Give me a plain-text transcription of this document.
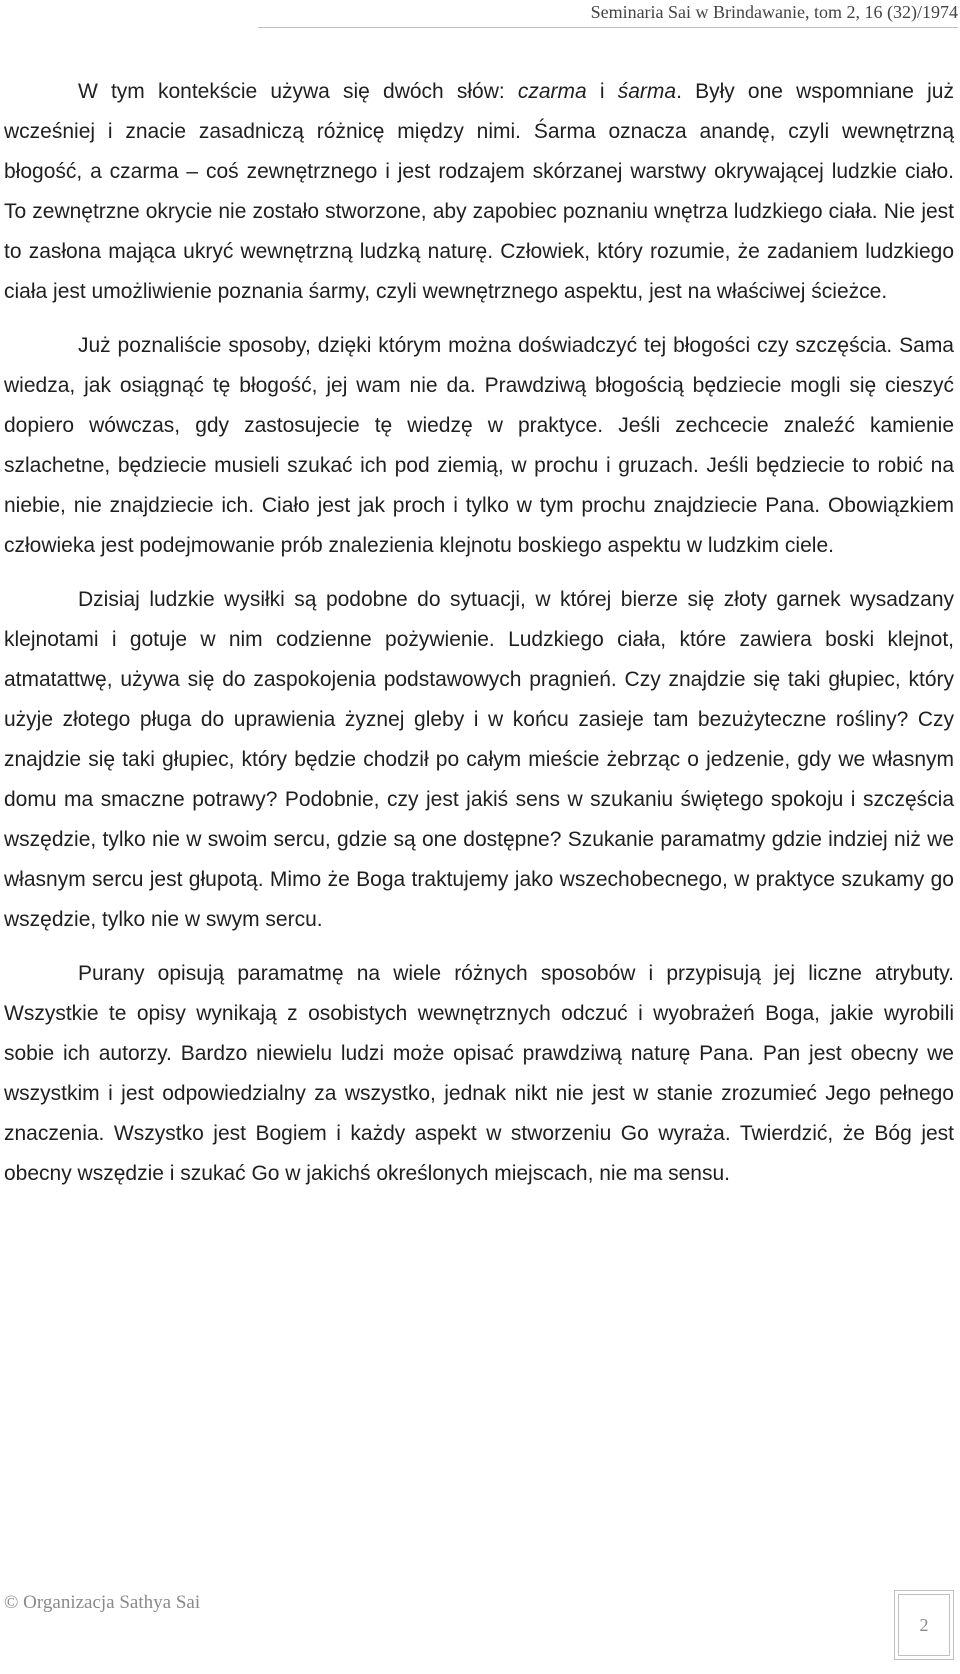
Seminaria Sai w Brindawanie, tom 2, 16 (32)/1974

W tym kontekście używa się dwóch słów: czarma i śarma. Były one wspomniane już wcześniej i znacie zasadniczą różnicę między nimi. Śarma oznacza anandę, czyli wewnętrzną błogość, a czarma – coś zewnętrznego i jest rodzajem skórzanej warstwy okrywającej ludzkie ciało. To zewnętrzne okrycie nie zostało stworzone, aby zapobiec poznaniu wnętrza ludzkiego ciała. Nie jest to zasłona mająca ukryć wewnętrzną ludzką naturę. Człowiek, który rozumie, że zadaniem ludzkiego ciała jest umożliwienie poznania śarmy, czyli wewnętrznego aspektu, jest na właściwej ścieżce.

Już poznaliście sposoby, dzięki którym można doświadczyć tej błogości czy szczęścia. Sama wiedza, jak osiągnąć tę błogość, jej wam nie da. Prawdziwą błogością będziecie mogli się cieszyć dopiero wówczas, gdy zastosujecie tę wiedzę w praktyce. Jeśli zechcecie znaleźć kamienie szlachetne, będziecie musieli szukać ich pod ziemią, w prochu i gruzach. Jeśli będziecie to robić na niebie, nie znajdziecie ich. Ciało jest jak proch i tylko w tym prochu znajdziecie Pana. Obowiązkiem człowieka jest podejmowanie prób znalezienia klejnotu boskiego aspektu w ludzkim ciele.

Dzisiaj ludzkie wysiłki są podobne do sytuacji, w której bierze się złoty garnek wysadzany klejnotami i gotuje w nim codzienne pożywienie. Ludzkiego ciała, które zawiera boski klejnot, atmatattwę, używa się do zaspokojenia podstawowych pragnień. Czy znajdzie się taki głupiec, który użyje złotego pługa do uprawienia żyznej gleby i w końcu zasieje tam bezużyteczne rośliny? Czy znajdzie się taki głupiec, który będzie chodził po całym mieście żebrząc o jedzenie, gdy we własnym domu ma smaczne potrawy? Podobnie, czy jest jakiś sens w szukaniu świętego spokoju i szczęścia wszędzie, tylko nie w swoim sercu, gdzie są one dostępne? Szukanie paramatmy gdzie indziej niż we własnym sercu jest głupotą. Mimo że Boga traktujemy jako wszechobecnego, w praktyce szukamy go wszędzie, tylko nie w swym sercu.

Purany opisują paramatmę na wiele różnych sposobów i przypisują jej liczne atrybuty. Wszystkie te opisy wynikają z osobistych wewnętrznych odczuć i wyobrażeń Boga, jakie wyrobili sobie ich autorzy. Bardzo niewielu ludzi może opisać prawdziwą naturę Pana. Pan jest obecny we wszystkim i jest odpowiedzialny za wszystko, jednak nikt nie jest w stanie zrozumieć Jego pełnego znaczenia. Wszystko jest Bogiem i każdy aspekt w stworzeniu Go wyraża. Twierdzić, że Bóg jest obecny wszędzie i szukać Go w jakichś określonych miejscach, nie ma sensu.

© Organizacja Sathya Sai
2
